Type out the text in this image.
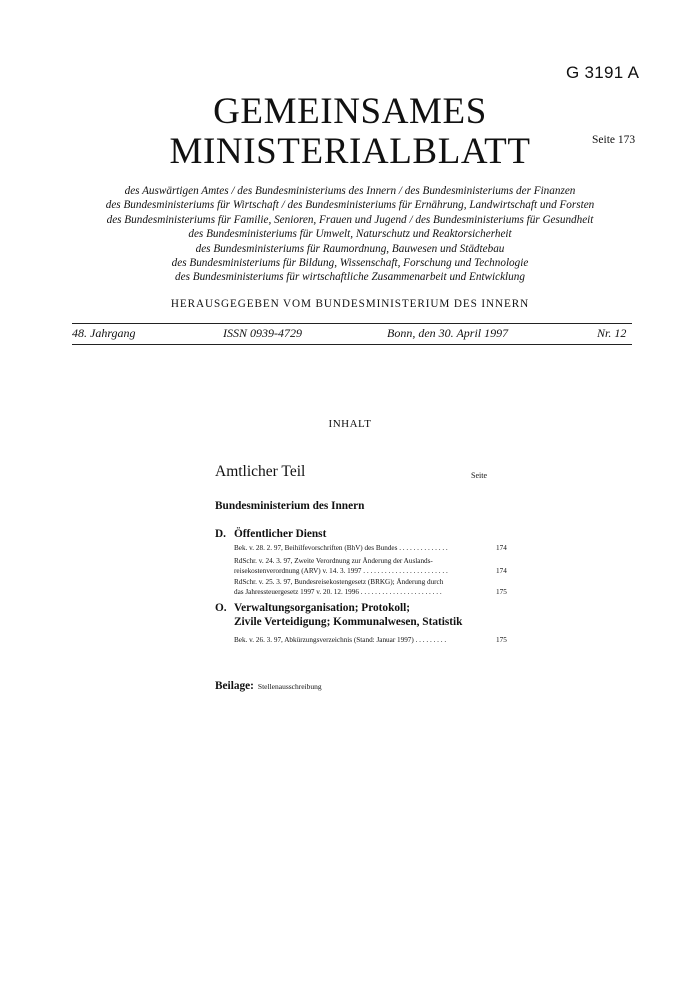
G 3191 A
GEMEINSAMES
MINISTERIALBLATT	Seite 173
des Auswärtigen Amtes / des Bundesministeriums des Innern / des Bundesministeriums der Finanzen
des Bundesministeriums für Wirtschaft / des Bundesministeriums für Ernährung, Landwirtschaft und Forsten
des Bundesministeriums für Familie, Senioren, Frauen und Jugend / des Bundesministeriums für Gesundheit
des Bundesministeriums für Umwelt, Naturschutz und Reaktorsicherheit
des Bundesministeriums für Raumordnung, Bauwesen und Städtebau
des Bundesministeriums für Bildung, Wissenschaft, Forschung und Technologie
des Bundesministeriums für wirtschaftliche Zusammenarbeit und Entwicklung
HERAUSGEGEBEN VOM BUNDESMINISTERIUM DES INNERN
48. Jahrgang	ISSN 0939-4729	Bonn, den 30. April 1997	Nr. 12
INHALT
Amtlicher Teil	Seite
Bundesministerium des Innern
D. Öffentlicher Dienst
Bek. v. 28. 2. 97, Beihilfevorschriften (BhV) des Bundes . . . . . . . . . . . . . .	174
RdSchr. v. 24. 3. 97, Zweite Verordnung zur Änderung der Auslands-
reisekostenverordnung (ARV) v. 14. 3. 1997 . . . . . . . . . . . . . . . . . . . . . . . .	174
RdSchr. v. 25. 3. 97, Bundesreisekostengesetz (BRKG); Änderung durch
das Jahressteuergesetz 1997 v. 20. 12. 1996 . . . . . . . . . . . . . . . . . . . . . . .	175
O. Verwaltungsorganisation; Protokoll;
Zivile Verteidigung; Kommunalwesen, Statistik
Bek. v. 26. 3. 97, Abkürzungsverzeichnis (Stand: Januar 1997) . . . . . . . . .	175
Beilage: Stellenausschreibung
